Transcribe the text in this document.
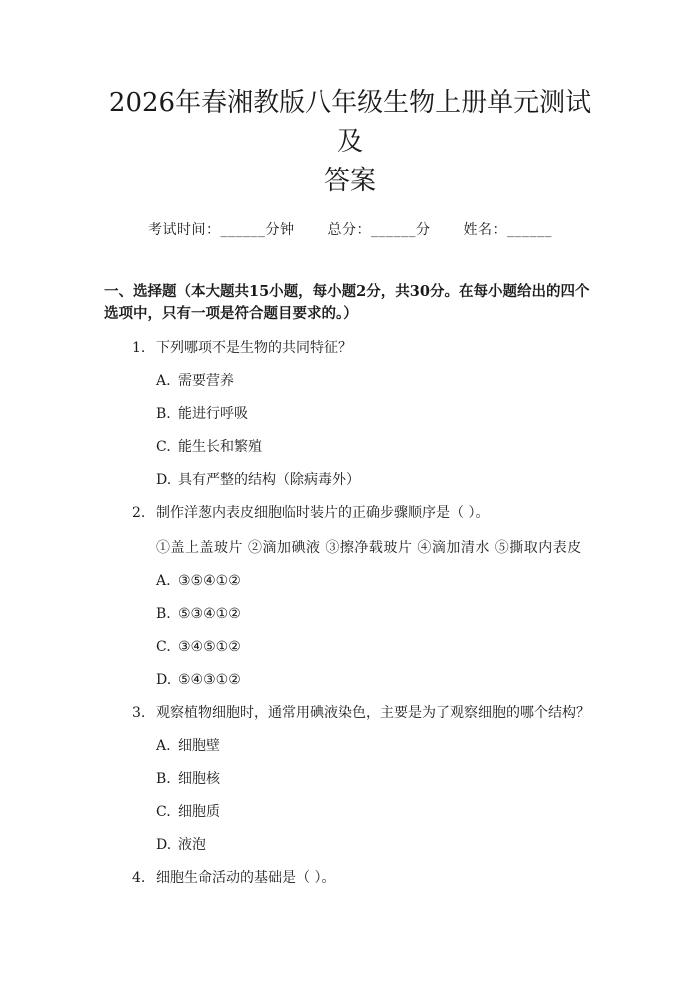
2026年春湘教版八年级生物上册单元测试及
答案
考试时间：______分钟 总分：______分 姓名：______
一、选择题（本大题共15小题，每小题2分，共30分。在每小题给出的四个选项中，只有一项是符合题目要求的。）
1. 下列哪项不是生物的共同特征？
A. 需要营养
B. 能进行呼吸
C. 能生长和繁殖
D. 具有严整的结构（除病毒外）
2. 制作洋葱内表皮细胞临时装片的正确步骤顺序是（ ）。
①盖上盖玻片 ②滴加碘液 ③擦净载玻片 ④滴加清水 ⑤撕取内表皮
A. ③⑤④①②
B. ⑤③④①②
C. ③④⑤①②
D. ⑤④③①②
3. 观察植物细胞时，通常用碘液染色，主要是为了观察细胞的哪个结构？
A. 细胞壁
B. 细胞核
C. 细胞质
D. 液泡
4. 细胞生命活动的基础是（ ）。
